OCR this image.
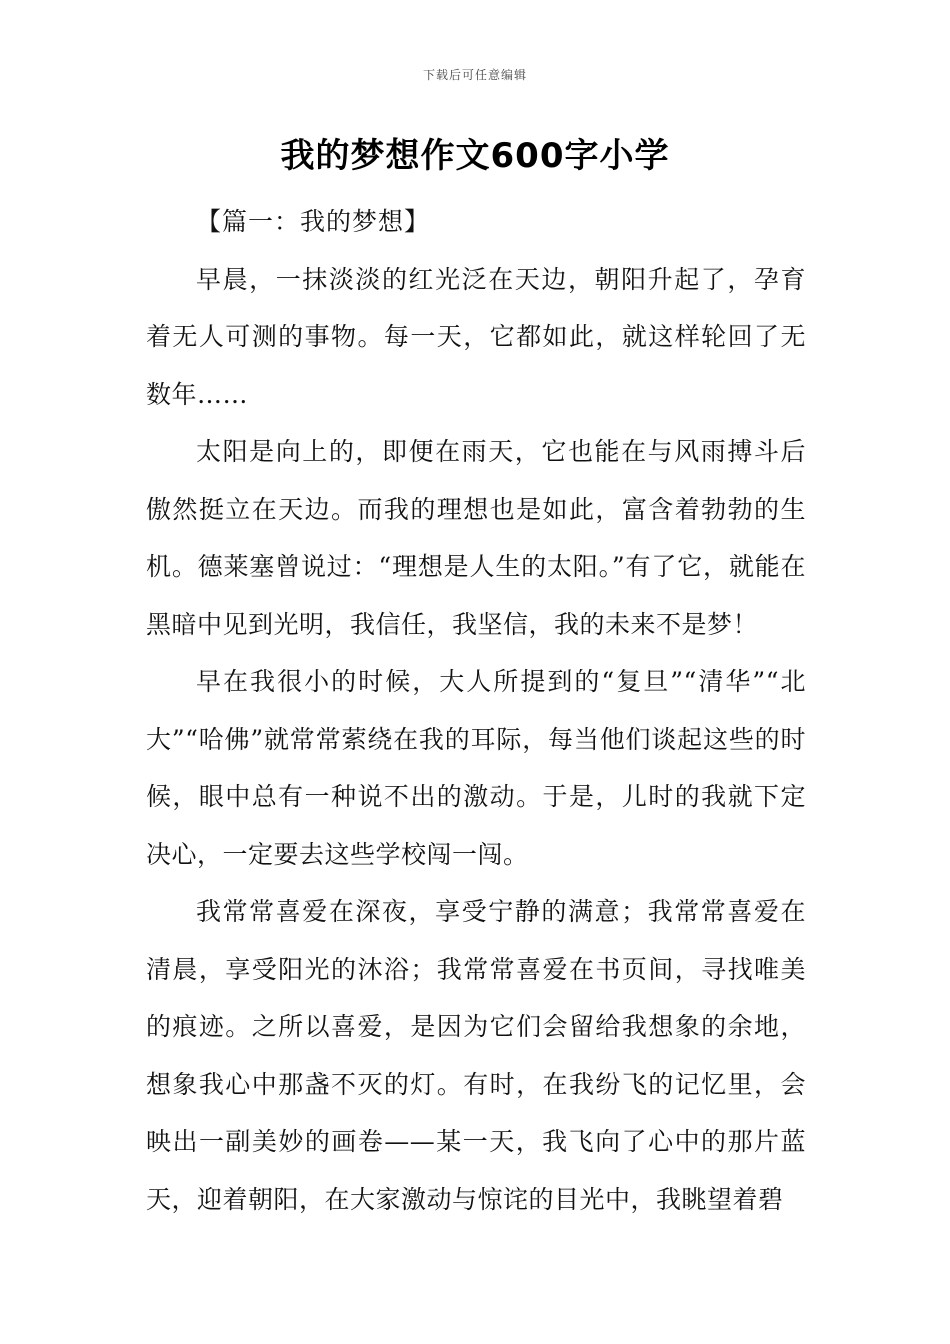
下载后可任意编辑
我的梦想作文600字小学

【篇一：我的梦想】

早晨，一抹淡淡的红光泛在天边，朝阳升起了，孕育着无人可测的事物。每一天，它都如此，就这样轮回了无数年……

太阳是向上的，即便在雨天，它也能在与风雨搏斗后傲然挺立在天边。而我的理想也是如此，富含着勃勃的生机。德莱塞曾说过：“理想是人生的太阳。”有了它，就能在黑暗中见到光明，我信任，我坚信，我的未来不是梦！

早在我很小的时候，大人所提到的“复旦”“清华”“北大”“哈佛”就常常萦绕在我的耳际，每当他们谈起这些的时候，眼中总有一种说不出的激动。于是，儿时的我就下定决心，一定要去这些学校闯一闯。

我常常喜爱在深夜，享受宁静的满意；我常常喜爱在清晨，享受阳光的沐浴；我常常喜爱在书页间，寻找唯美的痕迹。之所以喜爱，是因为它们会留给我想象的余地，想象我心中那盏不灭的灯。有时，在我纷飞的记忆里，会映出一副美妙的画卷——某一天，我飞向了心中的那片蓝天，迎着朝阳，在大家激动与惊诧的目光中，我眺望着碧
